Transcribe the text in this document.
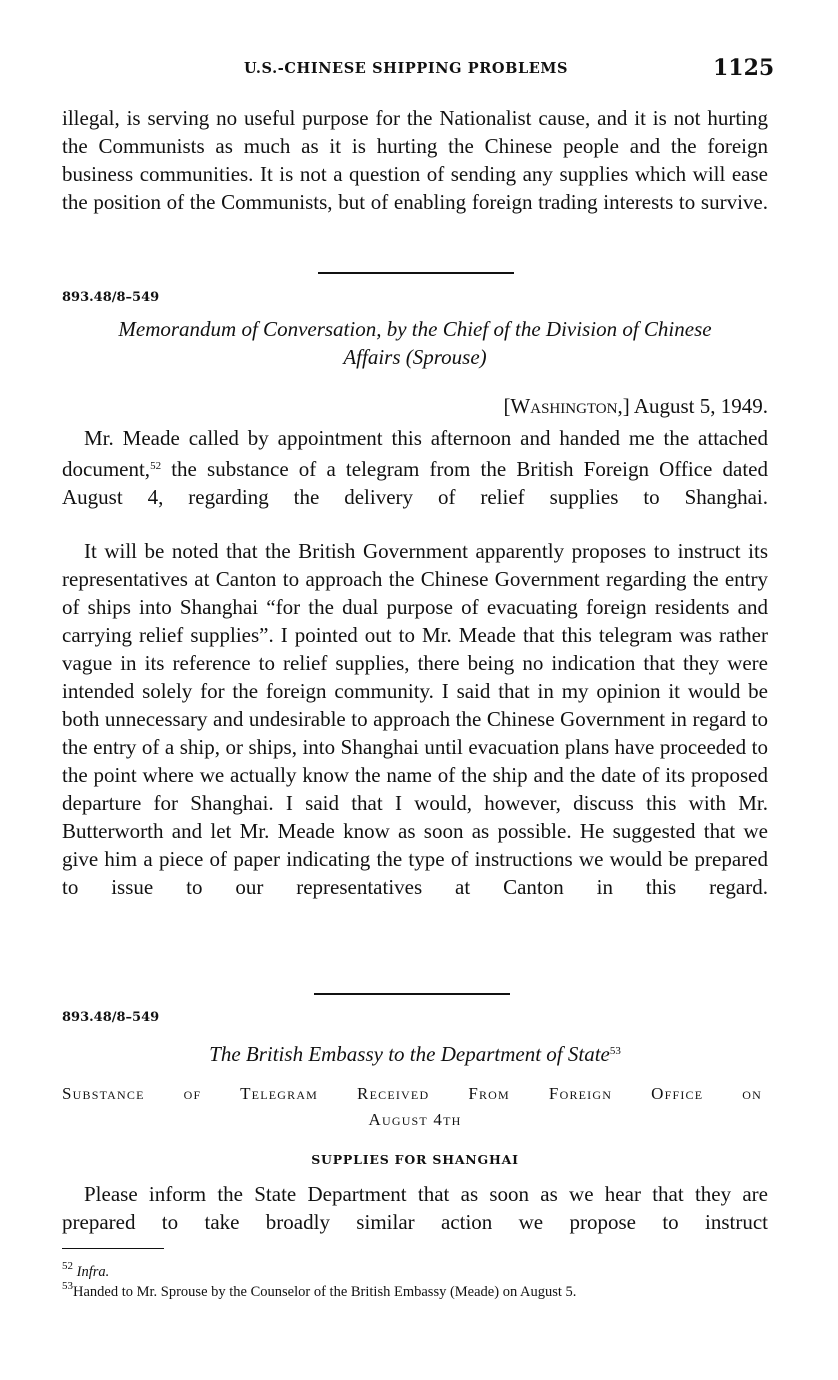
U.S.-CHINESE SHIPPING PROBLEMS	1125

illegal, is serving no useful purpose for the Nationalist cause, and it is not hurting the Communists as much as it is hurting the Chinese people and the foreign business communities. It is not a question of sending any supplies which will ease the position of the Communists, but of enabling foreign trading interests to survive.

893.48/8–549
Memorandum of Conversation, by the Chief of the Division of Chinese
Affairs (Sprouse)
[Washington,] August 5, 1949.

Mr. Meade called by appointment this afternoon and handed me the attached document,$^{52}$ the substance of a telegram from the British Foreign Office dated August 4, regarding the delivery of relief supplies to Shanghai.

It will be noted that the British Government apparently proposes to instruct its representatives at Canton to approach the Chinese Government regarding the entry of ships into Shanghai “for the dual purpose of evacuating foreign residents and carrying relief supplies”. I pointed out to Mr. Meade that this telegram was rather vague in its reference to relief supplies, there being no indication that they were intended solely for the foreign community. I said that in my opinion it would be both unnecessary and undesirable to approach the Chinese Government in regard to the entry of a ship, or ships, into Shanghai until evacuation plans have proceeded to the point where we actually know the name of the ship and the date of its proposed departure for Shanghai. I said that I would, however, discuss this with Mr. Butterworth and let Mr. Meade know as soon as possible. He suggested that we give him a piece of paper indicating the type of instructions we would be prepared to issue to our representatives at Canton in this regard.

893.48/8–549
The British Embassy to the Department of State$^{53}$
Substance of Telegram Received From Foreign Office on
August 4th
SUPPLIES FOR SHANGHAI

Please inform the State Department that as soon as we hear that they are prepared to take broadly similar action we propose to instruct

$^{52}$ Infra.
$^{53}$Handed to Mr. Sprouse by the Counselor of the British Embassy (Meade) on August 5.
